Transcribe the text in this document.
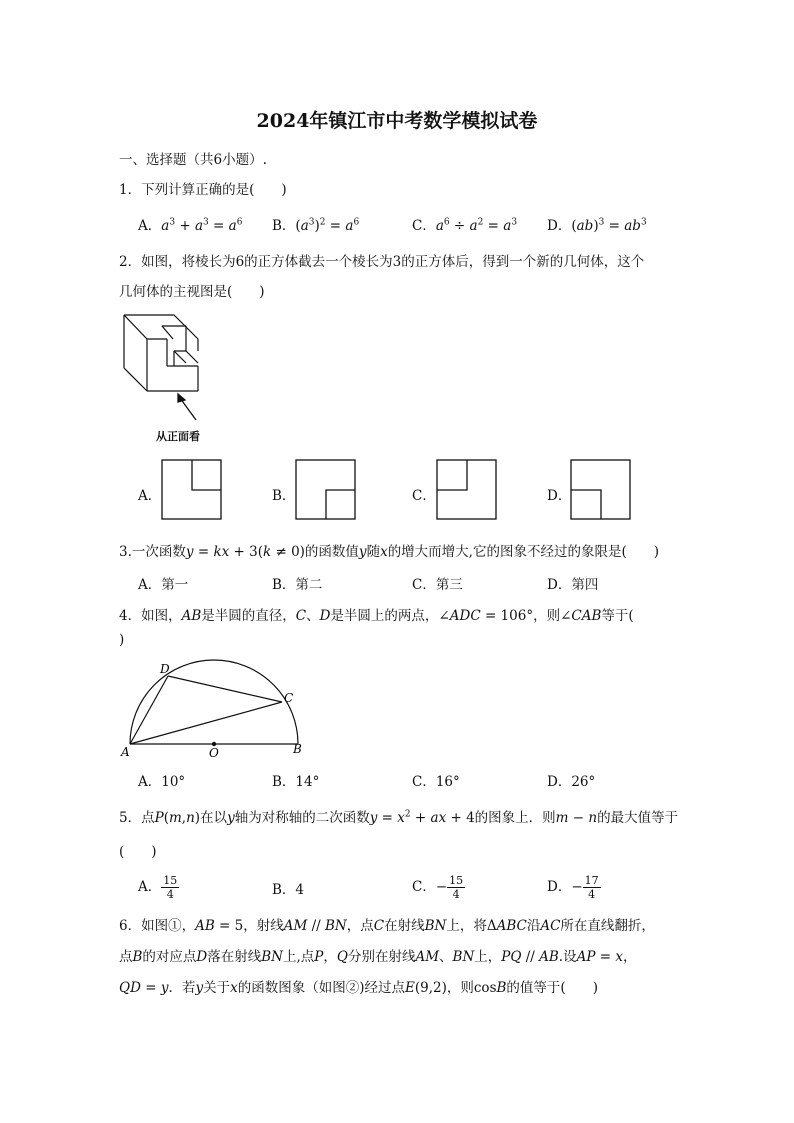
2024年镇江市中考数学模拟试卷
一、选择题（共6小题）.
1．下列计算正确的是(　　)
A．$a^3 + a^3 = a^6$ B．$(a^3)^2 = a^6$	C．$a^6 \div a^2 = a^3$ D．$(ab)^3 = ab^3$
2．如图，将棱长为6的正方体截去一个棱长为3的正方体后，得到一个新的几何体，这个
几何体的主视图是(　　)
从正面看
A．	B．	C．	D．
3.一次函数y = kx + 3(k ≠ 0)的函数值y随x的增大而增大,它的图象不经过的象限是(　　)
A．第一	B．第二	C．第三	D．第四
4．如图，AB是半圆的直径，C、D是半圆上的两点，∠ADC = 106°，则∠CAB等于(
)
D
C
A	O	B
A．10°	B．14°	C．16°	D．26°
5．点P(m,n)在以y轴为对称轴的二次函数$y = x^2$ + ax + 4的图象上．则m − n的最大值等于
(　　)
A． $\frac{15}{4}$	B．4	C．− $\frac{15}{4}$	D．− $\frac{17}{4}$
6．如图①，AB = 5，射线AM // BN，点C在射线BN上，将ΔABC沿AC所在直线翻折，
点B的对应点D落在射线BN上,点P，Q分别在射线AM、BN上，PQ // AB.设AP = x，
QD = y．若y关于x的函数图象（如图②)经过点E(9,2)，则cosB的值等于(　　)
